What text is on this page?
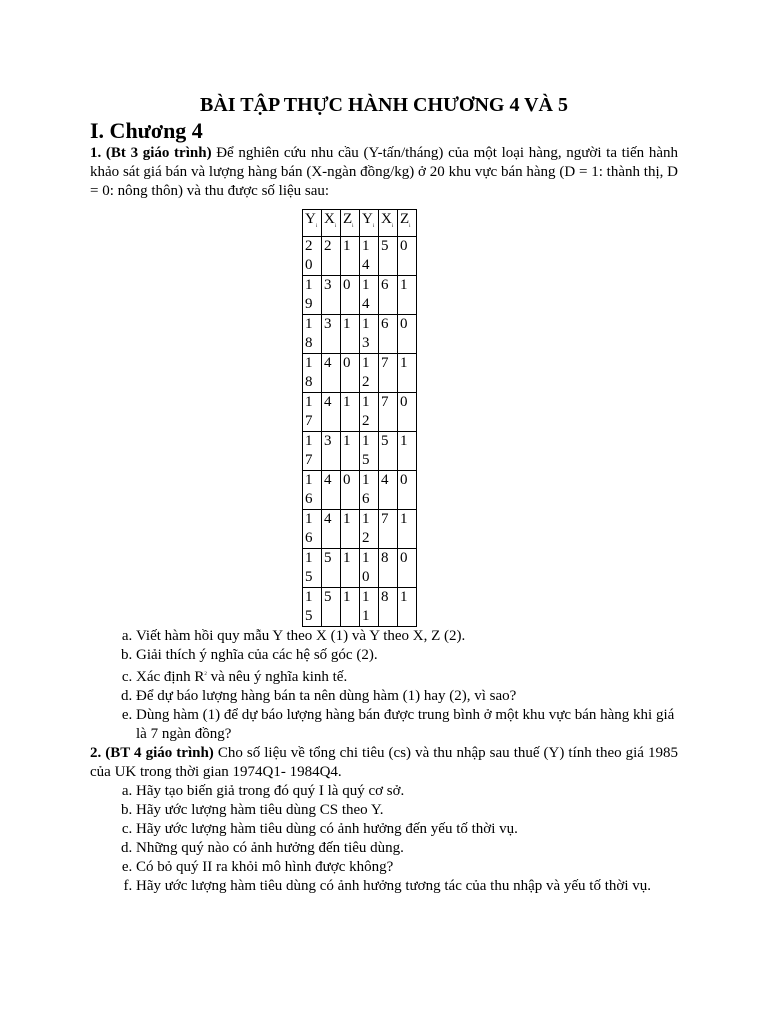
BÀI TẬP THỰC HÀNH CHƯƠNG 4 VÀ 5
I. Chương 4

1. (Bt 3 giáo trình) Để nghiên cứu nhu cầu (Y-tấn/tháng) của một loại hàng, người ta tiến hành khảo sát giá bán và lượng hàng bán (X-ngàn đồng/kg) ở 20 khu vực bán hàng (D = 1: thành thị, D = 0: nông thôn) và thu được số liệu sau:

$Y_i$	$X_i$	$Z_i$	$Y_i$	$X_i$	$Z_i$
20	2	1	14	5	0
19	3	0	14	6	1
18	3	1	13	6	0
18	4	0	12	7	1
17	4	1	12	7	0
17	3	1	15	5	1
16	4	0	16	4	0
16	4	1	12	7	1
15	5	1	10	8	0
15	5	1	11	8	1
a. Viết hàm hồi quy mẫu Y theo X (1) và Y theo X, Z (2).
b. Giải thích ý nghĩa của các hệ số góc (2).
c. Xác định $R^2$ và nêu ý nghĩa kinh tế.
d. Để dự báo lượng hàng bán ta nên dùng hàm (1) hay (2), vì sao?
e. Dùng hàm (1) để dự báo lượng hàng bán được trung bình ở một khu vực bán hàng khi giá là 7 ngàn đồng?

2. (BT 4 giáo trình) Cho số liệu về tổng chi tiêu (cs) và thu nhập sau thuế (Y) tính theo giá 1985 của UK trong thời gian 1974Q1- 1984Q4.

a. Hãy tạo biến giả trong đó quý I là quý cơ sở.
b. Hãy ước lượng hàm tiêu dùng CS theo Y.
c. Hãy ước lượng hàm tiêu dùng có ảnh hưởng đến yếu tố thời vụ.
d. Những quý nào có ảnh hưởng đến tiêu dùng.
e. Có bỏ quý II ra khỏi mô hình được không?
f. Hãy ước lượng hàm tiêu dùng có ảnh hưởng tương tác của thu nhập và yếu tố thời vụ.
